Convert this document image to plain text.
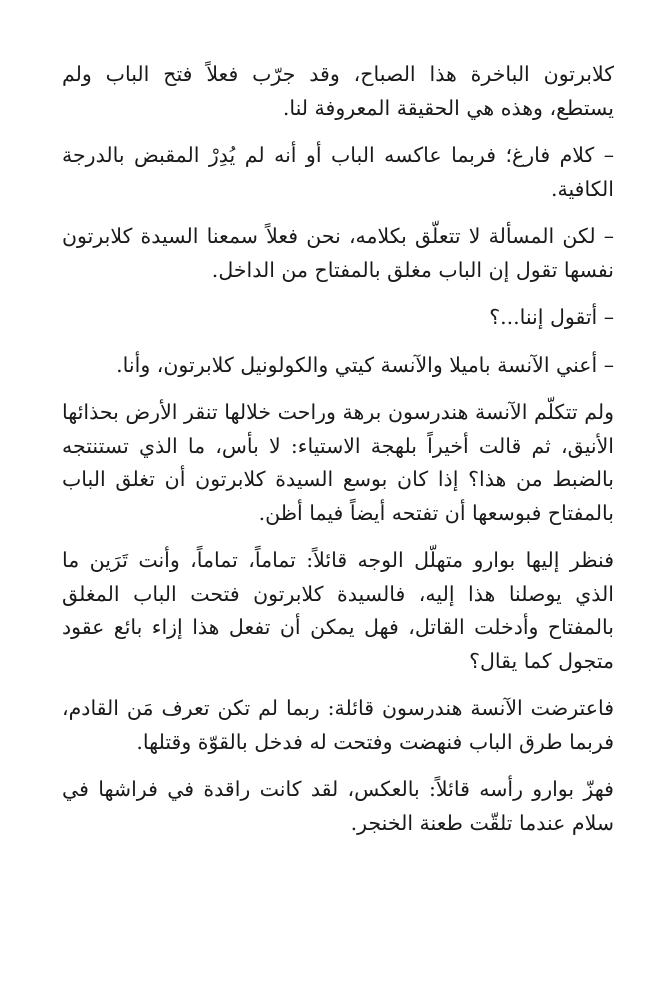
كلابرتون الباخرة هذا الصباح، وقد جرّب فعلاً فتح الباب ولم يستطع، وهذه هي الحقيقة المعروفة لنا.

– كلام فارغ؛ فربما عاكسه الباب أو أنه لم يُدِرْ المقبض بالدرجة الكافية.

– لكن المسألة لا تتعلّق بكلامه، نحن فعلاً سمعنا السيدة كلابرتون نفسها تقول إن الباب مغلق بالمفتاح من الداخل.

– أتقول إننا...؟

– أعني الآنسة باميلا والآنسة كيتي والكولونيل كلابرتون، وأنا.

ولم تتكلّم الآنسة هندرسون برهة وراحت خلالها تنقر الأرض بحذائها الأنيق، ثم قالت أخيراً بلهجة الاستياء: لا بأس، ما الذي تستنتجه بالضبط من هذا؟ إذا كان بوسع السيدة كلابرتون أن تغلق الباب بالمفتاح فبوسعها أن تفتحه أيضاً فيما أظن.

فنظر إليها بوارو متهلّل الوجه قائلاً: تماماً، تماماً، وأنت تَرَين ما الذي يوصلنا هذا إليه، فالسيدة كلابرتون فتحت الباب المغلق بالمفتاح وأدخلت القاتل، فهل يمكن أن تفعل هذا إزاء بائع عقود متجول كما يقال؟

فاعترضت الآنسة هندرسون قائلة: ربما لم تكن تعرف مَن القادم، فربما طرق الباب فنهضت وفتحت له فدخل بالقوّة وقتلها.

فهزّ بوارو رأسه قائلاً: بالعكس، لقد كانت راقدة في فراشها في سلام عندما تلقّت طعنة الخنجر.
